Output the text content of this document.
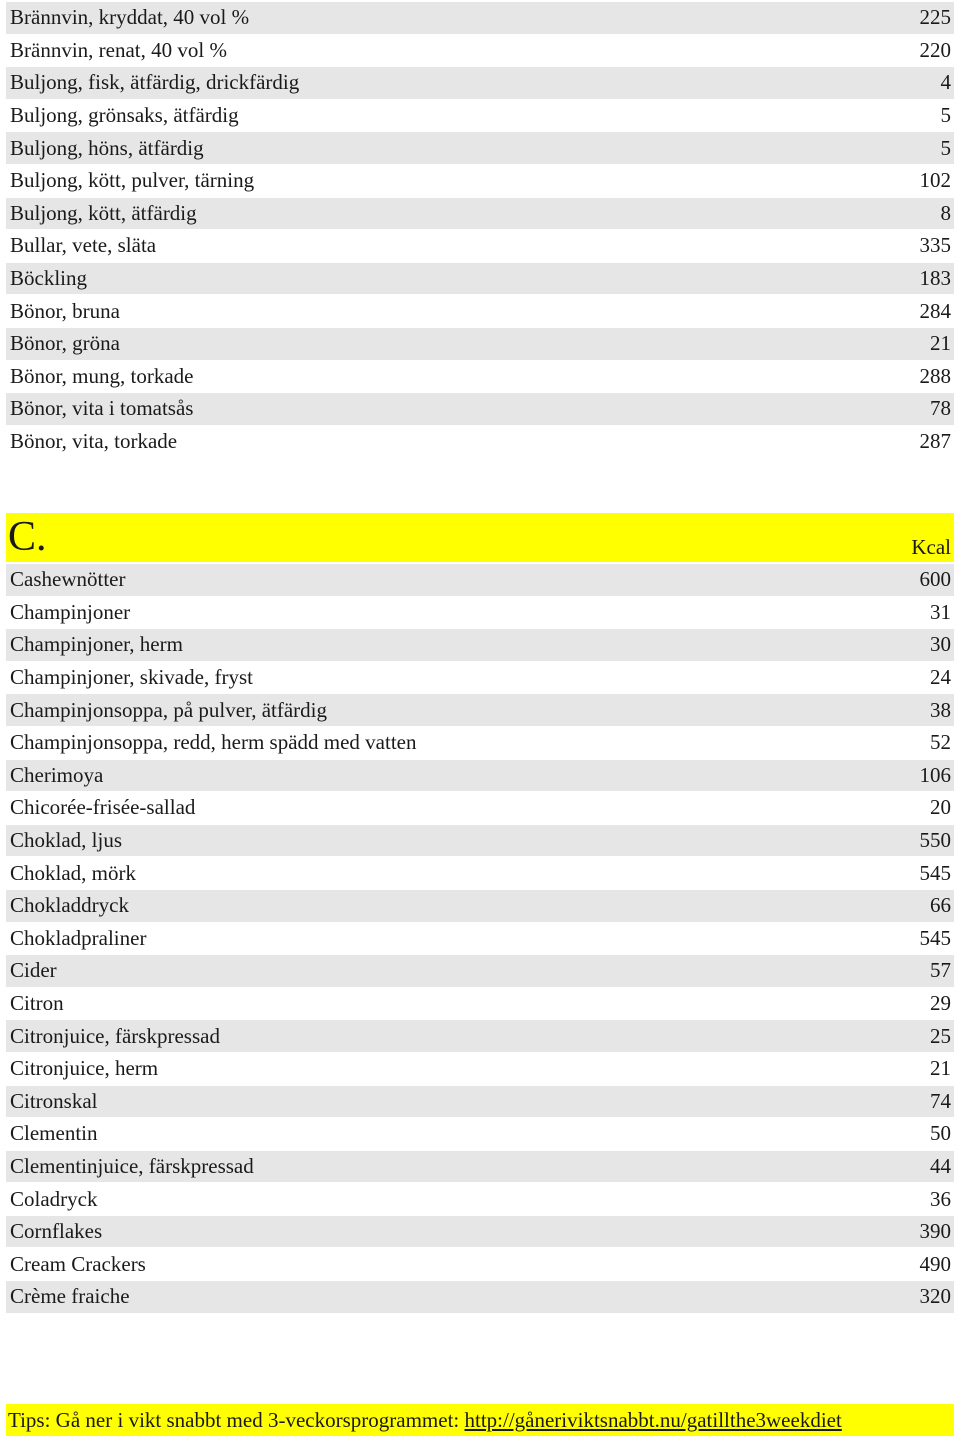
Brännvin, kryddat, 40 vol %	225
Brännvin, renat, 40 vol %	220
Buljong, fisk, ätfärdig, drickfärdig	4
Buljong, grönsaks, ätfärdig	5
Buljong, höns, ätfärdig	5
Buljong, kött, pulver, tärning	102
Buljong, kött, ätfärdig	8
Bullar, vete, släta	335
Böckling	183
Bönor, bruna	284
Bönor, gröna	21
Bönor, mung, torkade	288
Bönor, vita i tomatsås	78
Bönor, vita, torkade	287
C.	Kcal
Cashewnötter	600
Champinjoner	31
Champinjoner, herm	30
Champinjoner, skivade, fryst	24
Champinjonsoppa, på pulver, ätfärdig	38
Champinjonsoppa, redd, herm spädd med vatten	52
Cherimoya	106
Chicorée-frisée-sallad	20
Choklad, ljus	550
Choklad, mörk	545
Chokladdryck	66
Chokladpraliner	545
Cider	57
Citron	29
Citronjuice, färskpressad	25
Citronjuice, herm	21
Citronskal	74
Clementin	50
Clementinjuice, färskpressad	44
Coladryck	36
Cornflakes	390
Cream Crackers	490
Crème fraiche	320
Tips: Gå ner i vikt snabbt med 3-veckorsprogrammet: http://gåneriviktsnabbt.nu/gatillthe3weekdiet
